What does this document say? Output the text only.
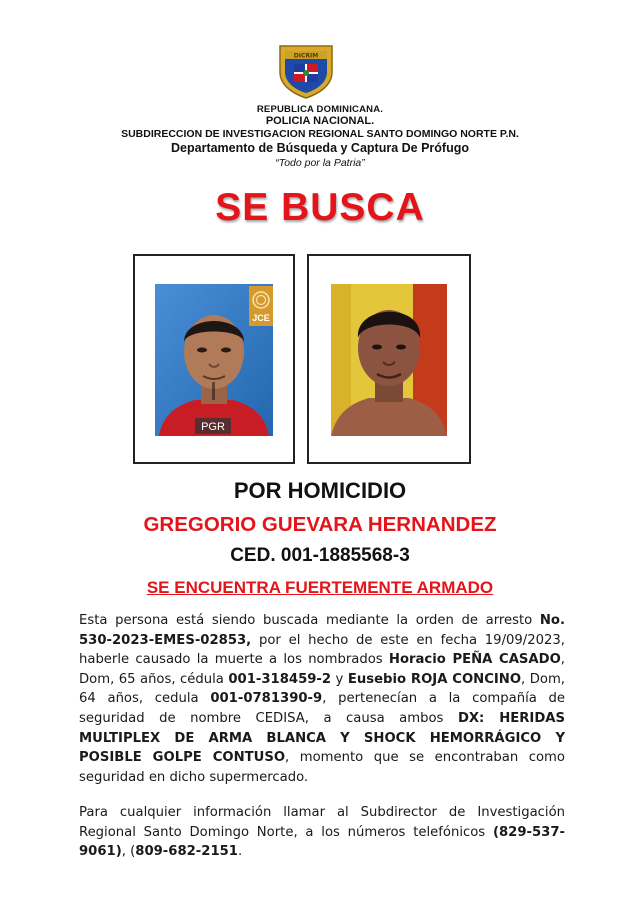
DICRIM
REPUBLICA DOMINICANA.
POLICIA NACIONAL.
SUBDIRECCION DE INVESTIGACION REGIONAL SANTO DOMINGO NORTE P.N.
Departamento de Búsqueda y Captura De Prófugo
“Todo por la Patria”
SE BUSCA
JCE
PGR
POR HOMICIDIO
GREGORIO GUEVARA HERNANDEZ
CED. 001-1885568-3
SE ENCUENTRA FUERTEMENTE ARMADO
Esta persona está siendo buscada mediante la orden de arresto No. 530-2023-EMES-02853, por el hecho de este en fecha 19/09/2023, haberle causado la muerte a los nombrados Horacio PEÑA CASADO, Dom, 65 años, cédula 001-318459-2 y Eusebio ROJA CONCINO, Dom, 64 años, cedula 001-0781390-9, pertenecían a la compañía de seguridad de nombre CEDISA, a causa ambos DX: HERIDAS MULTIPLEX DE ARMA BLANCA Y SHOCK HEMORRÁGICO Y POSIBLE GOLPE CONTUSO, momento que se encontraban como seguridad en dicho supermercado.
Para cualquier información llamar al Subdirector de Investigación Regional Santo Domingo Norte, a los números telefónicos (829-537-9061), (809-682-2151.
